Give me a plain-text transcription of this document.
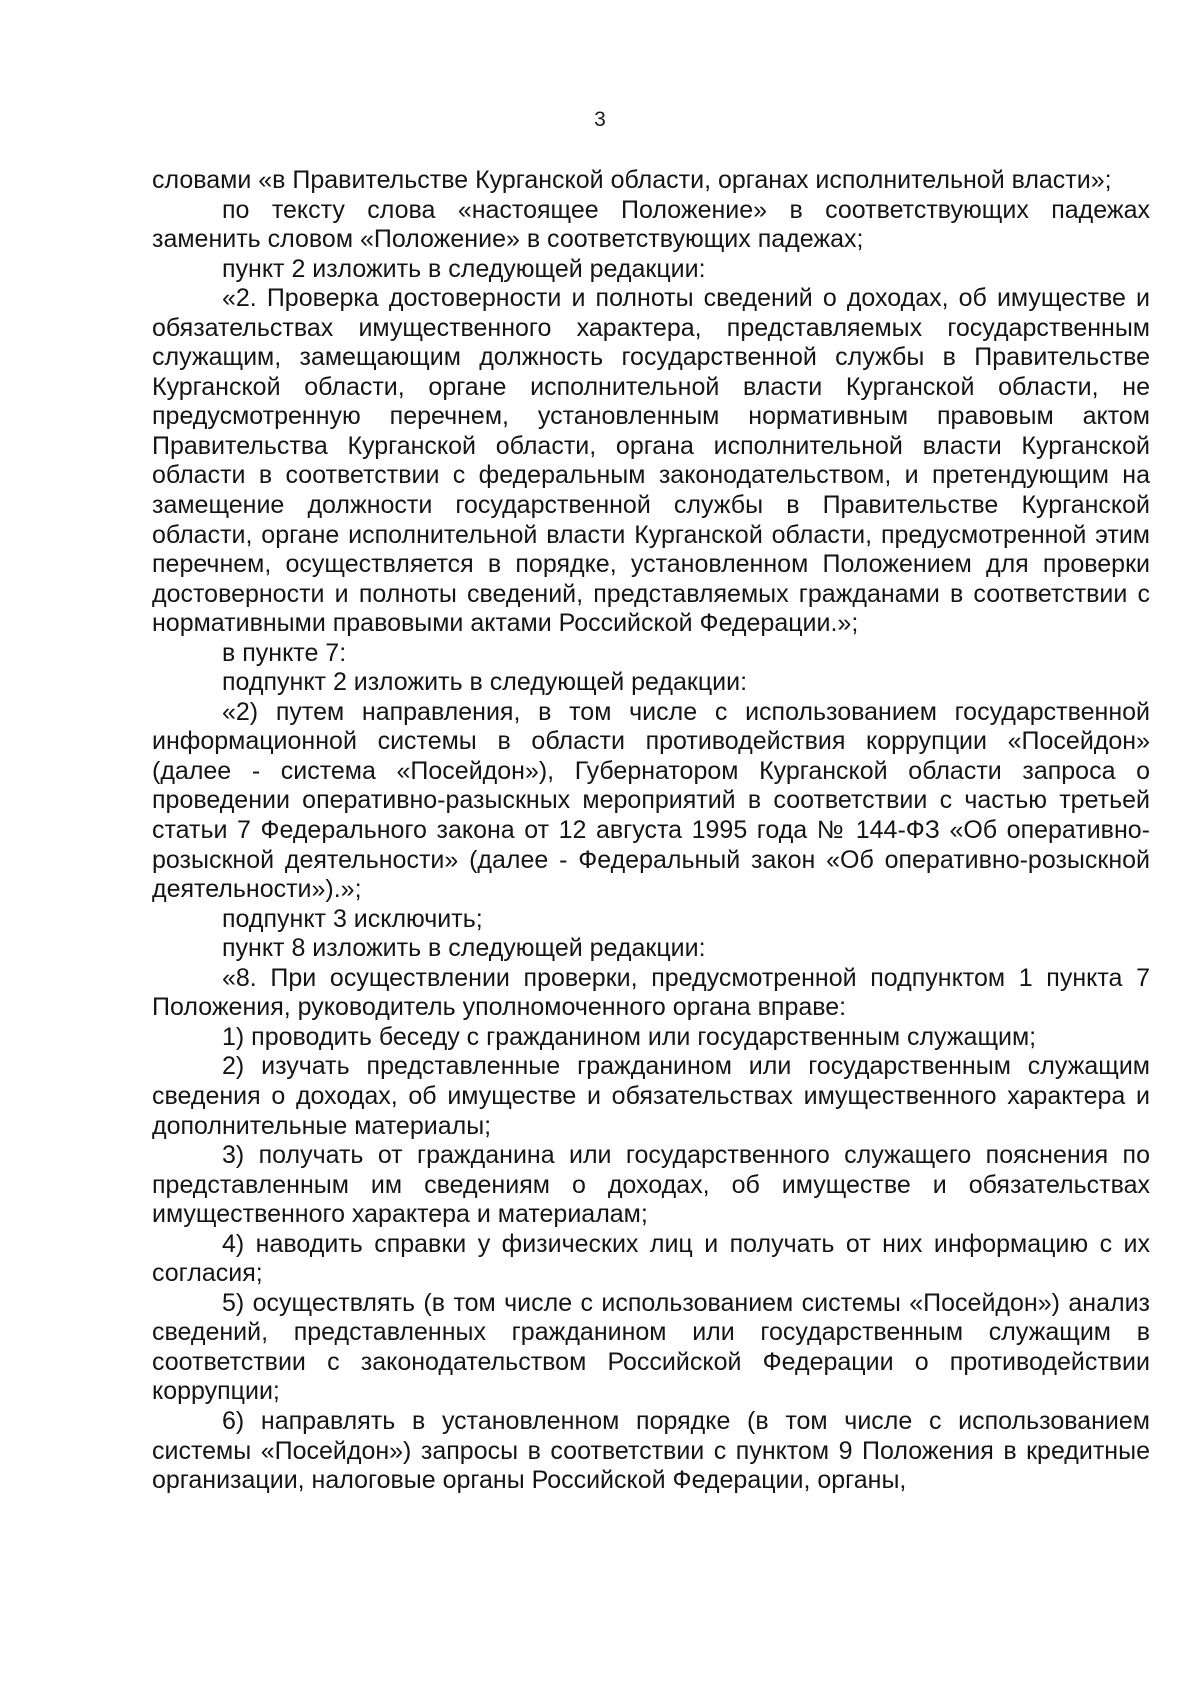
3

словами «в Правительстве Курганской области, органах исполнительной власти»;

по тексту слова «настоящее Положение» в соответствующих падежах заменить словом «Положение» в соответствующих падежах;

пункт 2 изложить в следующей редакции:

«2. Проверка достоверности и полноты сведений о доходах, об имуществе и обязательствах имущественного характера, представляемых государственным служащим, замещающим должность государственной службы в Правительстве Курганской области, органе исполнительной власти Курганской области, не предусмотренную перечнем, установленным нормативным правовым актом Правительства Курганской области, органа исполнительной власти Курганской области в соответствии с федеральным законодательством, и претендующим на замещение должности государственной службы в Правительстве Курганской области, органе исполнительной власти Курганской области, предусмотренной этим перечнем, осуществляется в порядке, установленном Положением для проверки достоверности и полноты сведений, представляемых гражданами в соответствии с нормативными правовыми актами Российской Федерации.»;

в пункте 7:

подпункт 2 изложить в следующей редакции:

«2) путем направления, в том числе с использованием государственной информационной системы в области противодействия коррупции «Посейдон» (далее - система «Посейдон»), Губернатором Курганской области запроса о проведении оперативно-разыскных мероприятий в соответствии с частью третьей статьи 7 Федерального закона от 12 августа 1995 года № 144-ФЗ «Об оперативно-розыскной деятельности» (далее - Федеральный закон «Об оперативно-розыскной деятельности»).»;

подпункт 3 исключить;

пункт 8 изложить в следующей редакции:

«8. При осуществлении проверки, предусмотренной подпунктом 1 пункта 7 Положения, руководитель уполномоченного органа вправе:

1) проводить беседу с гражданином или государственным служащим;

2) изучать представленные гражданином или государственным служащим сведения о доходах, об имуществе и обязательствах имущественного характера и дополнительные материалы;

3) получать от гражданина или государственного служащего пояснения по представленным им сведениям о доходах, об имуществе и обязательствах имущественного характера и материалам;

4) наводить справки у физических лиц и получать от них информацию с их согласия;

5) осуществлять (в том числе с использованием системы «Посейдон») анализ сведений, представленных гражданином или государственным служащим в соответствии с законодательством Российской Федерации о противодействии коррупции;

6) направлять в установленном порядке (в том числе с использованием системы «Посейдон») запросы в соответствии с пунктом 9 Положения в кредитные организации, налоговые органы Российской Федерации, органы,
